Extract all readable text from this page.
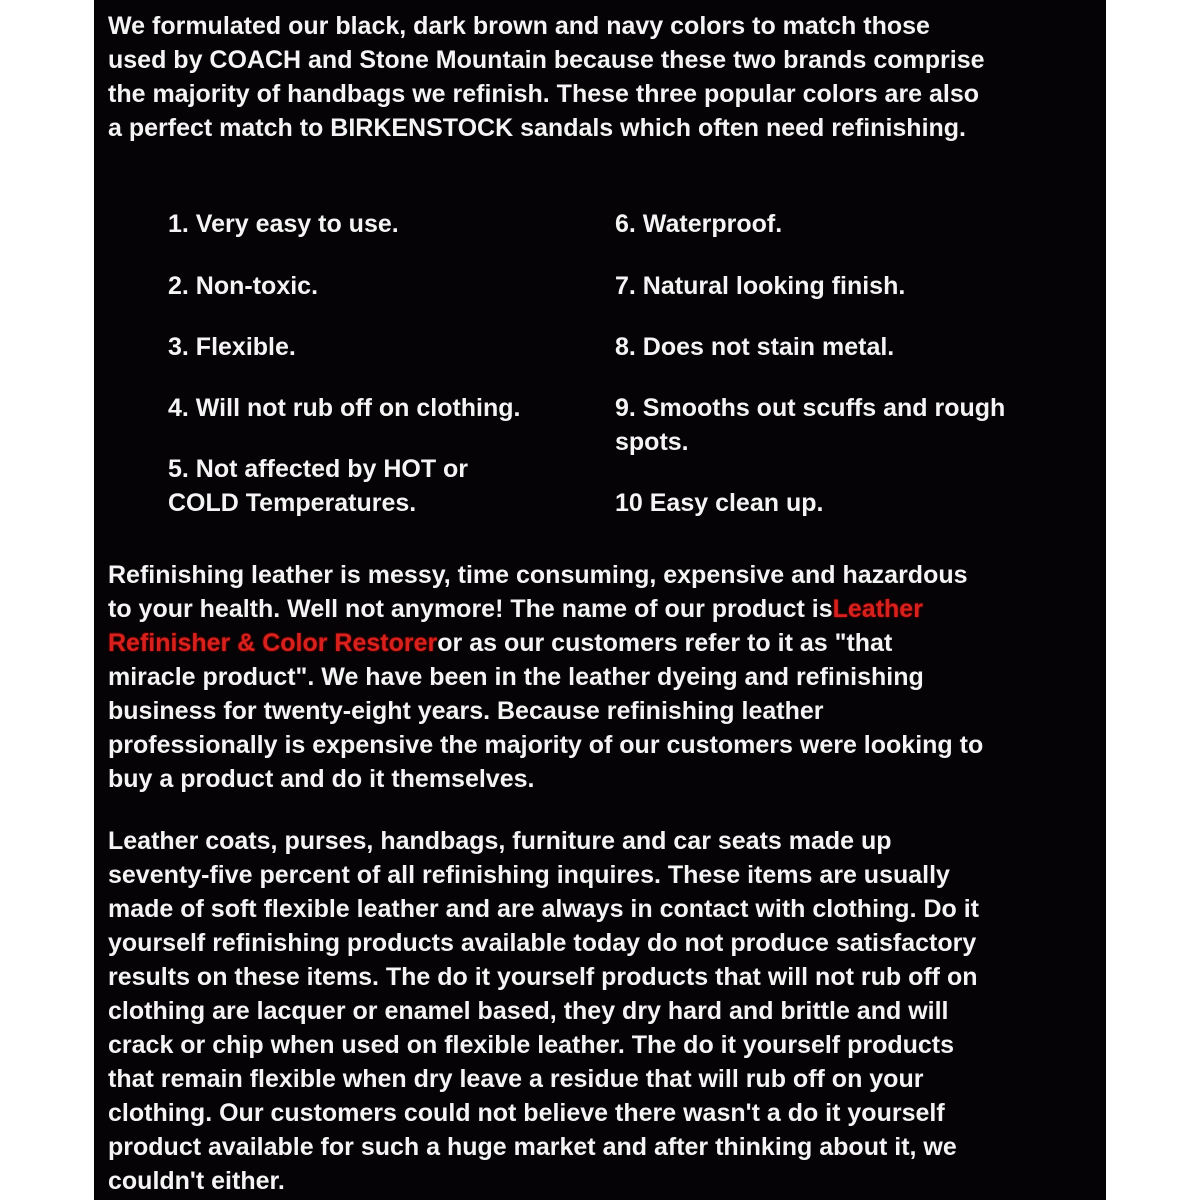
We formulated our black, dark brown and navy colors to match those
used by COACH and Stone Mountain because these two brands comprise
the majority of handbags we refinish. These three popular colors are also
a perfect match to BIRKENSTOCK sandals which often need refinishing.
1. Very easy to use.
2. Non-toxic.
3. Flexible.
4. Will not rub off on clothing.
5. Not affected by HOT or
COLD Temperatures.
6. Waterproof.
7. Natural looking finish.
8. Does not stain metal.
9. Smooths out scuffs and rough
spots.
10 Easy clean up.
Refinishing leather is messy, time consuming, expensive and hazardous
to your health. Well not anymore! The name of our product is Leather
Refinisher & Color Restorer or as our customers refer to it as "that
miracle product". We have been in the leather dyeing and refinishing
business for twenty-eight years. Because refinishing leather
professionally is expensive the majority of our customers were looking to
buy a product and do it themselves.
Leather coats, purses, handbags, furniture and car seats made up
seventy-five percent of all refinishing inquires. These items are usually
made of soft flexible leather and are always in contact with clothing. Do it
yourself refinishing products available today do not produce satisfactory
results on these items. The do it yourself products that will not rub off on
clothing are lacquer or enamel based, they dry hard and brittle and will
crack or chip when used on flexible leather. The do it yourself products
that remain flexible when dry leave a residue that will rub off on your
clothing. Our customers could not believe there wasn't a do it yourself
product available for such a huge market and after thinking about it, we
couldn't either.
